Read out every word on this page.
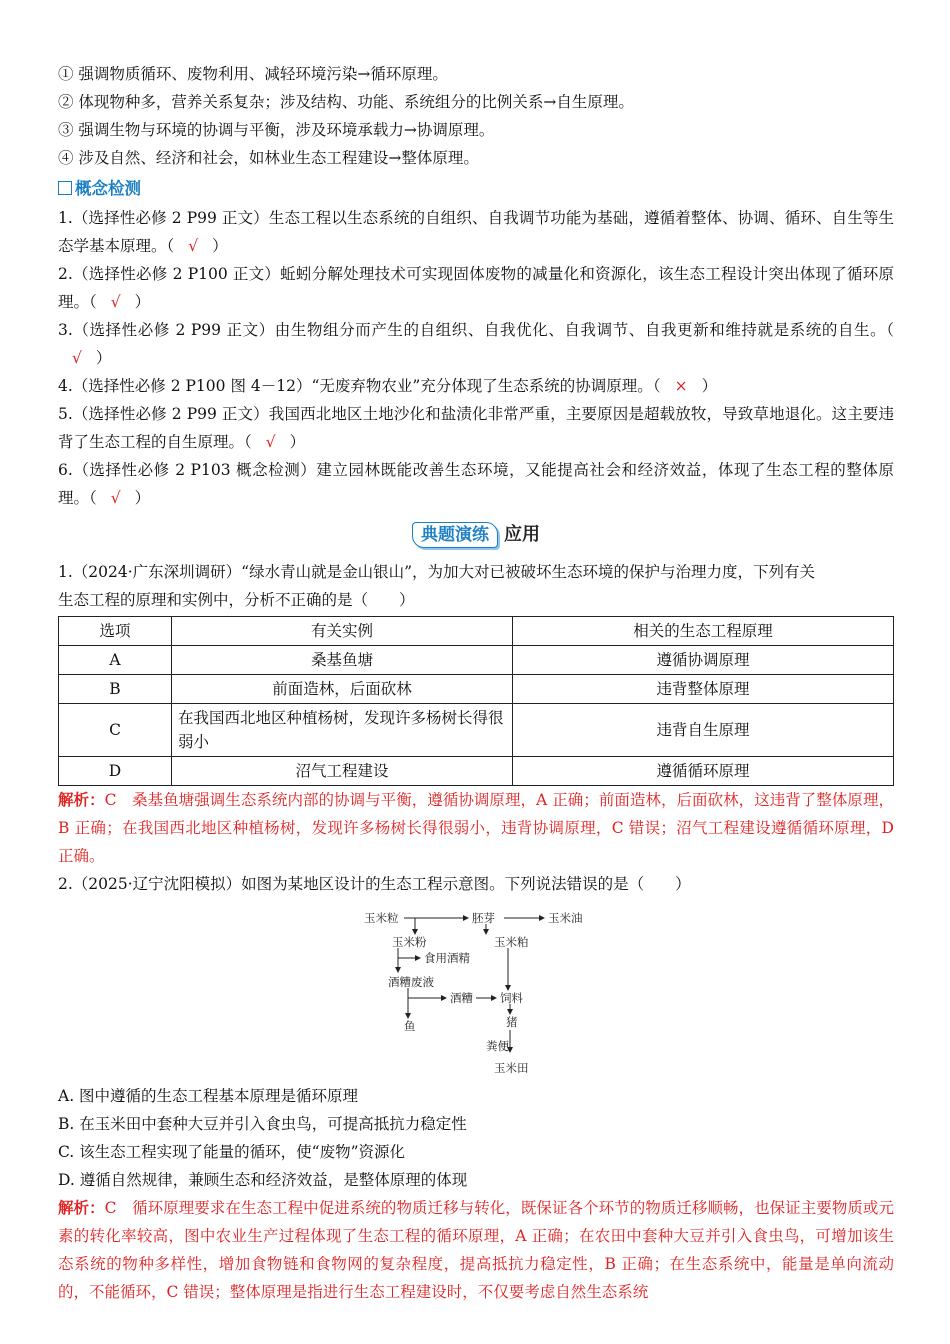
① 强调物质循环、废物利用、减轻环境污染→循环原理。
② 体现物种多，营养关系复杂；涉及结构、功能、系统组分的比例关系→自生原理。
③ 强调生物与环境的协调与平衡，涉及环境承载力→协调原理。
④ 涉及自然、经济和社会，如林业生态工程建设→整体原理。
概念检测
1.（选择性必修 2 P99 正文）生态工程以生态系统的自组织、自我调节功能为基础，遵循着整体、协调、循环、自生等生态学基本原理。（ √ ）
2.（选择性必修 2 P100 正文）蚯蚓分解处理技术可实现固体废物的减量化和资源化，该生态工程设计突出体现了循环原理。（ √ ）
3.（选择性必修 2 P99 正文）由生物组分而产生的自组织、自我优化、自我调节、自我更新和维持就是系统的自生。（√ ）
4.（选择性必修 2 P100 图 4－12）“无废弃物农业”充分体现了生态系统的协调原理。（ × ）
5.（选择性必修 2 P99 正文）我国西北地区土地沙化和盐渍化非常严重，主要原因是超载放牧，导致草地退化。这主要违背了生态工程的自生原理。（ √ ）
6.（选择性必修 2 P103 概念检测）建立园林既能改善生态环境，又能提高社会和经济效益，体现了生态工程的整体原理。（ √ ）
典题演练 应用
1.（2024·广东深圳调研）“绿水青山就是金山银山”，为加大对已被破坏生态环境的保护与治理力度，下列有关
生态工程的原理和实例中，分析不正确的是（　　）
选项	有关实例	相关的生态工程原理
A	桑基鱼塘	遵循协调原理
B	前面造林，后面砍林	违背整体原理
C	在我国西北地区种植杨树，发现许多杨树长得很弱小	违背自生原理
D	沼气工程建设	遵循循环原理
解析：C　桑基鱼塘强调生态系统内部的协调与平衡，遵循协调原理，A 正确；前面造林，后面砍林，这违背了整体原理，B 正确；在我国西北地区种植杨树，发现许多杨树长得很弱小，违背协调原理，C 错误；沼气工程建设遵循循环原理，D 正确。
2.（2025·辽宁沈阳模拟）如图为某地区设计的生态工程示意图。下列说法错误的是（　　）
玉米粒	胚芽	玉米油
玉米粉	玉米粕
食用酒精
酒糟废液
酒糟 饲料
鱼	猪
粪便
玉米田
A. 图中遵循的生态工程基本原理是循环原理
B. 在玉米田中套种大豆并引入食虫鸟，可提高抵抗力稳定性
C. 该生态工程实现了能量的循环，使“废物”资源化
D. 遵循自然规律，兼顾生态和经济效益，是整体原理的体现
解析：C　循环原理要求在生态工程中促进系统的物质迁移与转化，既保证各个环节的物质迁移顺畅，也保证主要物质或元素的转化率较高，图中农业生产过程体现了生态工程的循环原理，A 正确；在农田中套种大豆并引入食虫鸟，可增加该生态系统的物种多样性，增加食物链和食物网的复杂程度，提高抵抗力稳定性，B 正确；在生态系统中，能量是单向流动的，不能循环，C 错误；整体原理是指进行生态工程建设时，不仅要考虑自然生态系统
